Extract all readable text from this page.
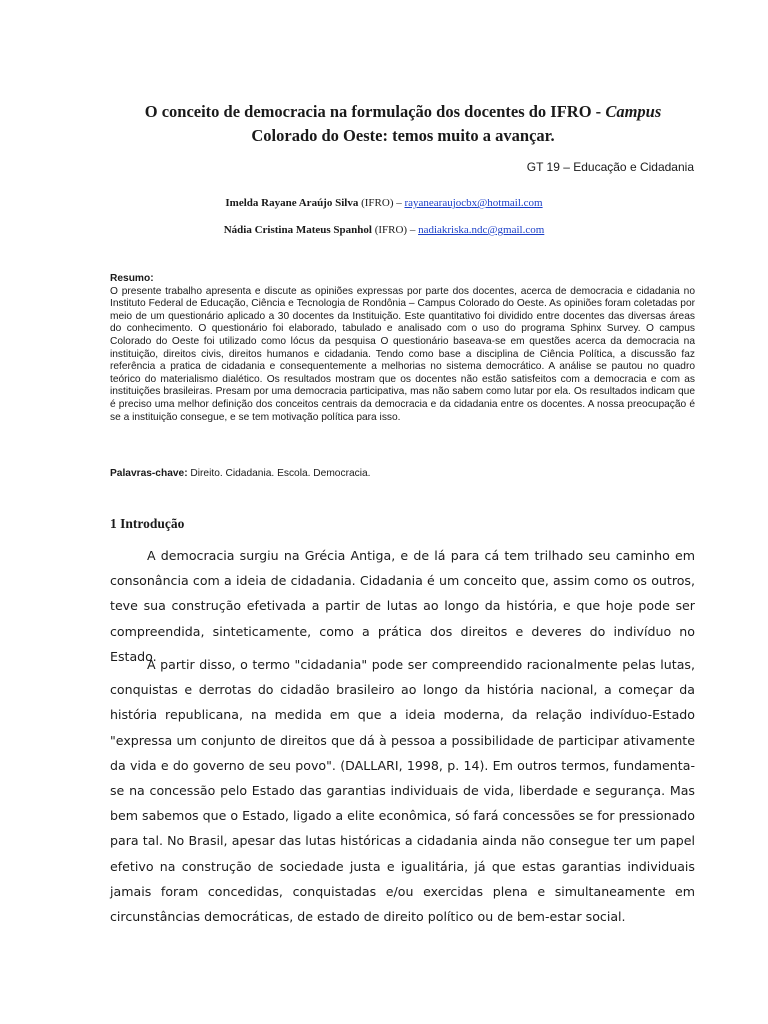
O conceito de democracia na formulação dos docentes do IFRO - Campus
Colorado do Oeste: temos muito a avançar.
GT 19 – Educação e Cidadania
Imelda Rayane Araújo Silva (IFRO) – rayanearaujocbx@hotmail.com
Nádia Cristina Mateus Spanhol (IFRO) – nadiakriska.ndc@gmail.com
Resumo:
O presente trabalho apresenta e discute as opiniões expressas por parte dos docentes, acerca de democracia e cidadania no Instituto Federal de Educação, Ciência e Tecnologia de Rondônia – Campus Colorado do Oeste. As opiniões foram coletadas por meio de um questionário aplicado a 30 docentes da Instituição. Este quantitativo foi dividido entre docentes das diversas áreas do conhecimento. O questionário foi elaborado, tabulado e analisado com o uso do programa Sphinx Survey. O campus Colorado do Oeste foi utilizado como lócus da pesquisa O questionário baseava-se em questões acerca da democracia na instituição, direitos civis, direitos humanos e cidadania. Tendo como base a disciplina de Ciência Política, a discussão faz referência a pratica de cidadania e consequentemente a melhorias no sistema democrático. A análise se pautou no quadro teórico do materialismo dialético. Os resultados mostram que os docentes não estão satisfeitos com a democracia e com as instituições brasileiras. Presam por uma democracia participativa, mas não sabem como lutar por ela. Os resultados indicam que é preciso uma melhor definição dos conceitos centrais da democracia e da cidadania entre os docentes. A nossa preocupação é se a instituição consegue, e se tem motivação política para isso.
Palavras-chave: Direito. Cidadania. Escola. Democracia.
1 Introdução

A democracia surgiu na Grécia Antiga, e de lá para cá tem trilhado seu caminho em consonância com a ideia de cidadania. Cidadania é um conceito que, assim como os outros, teve sua construção efetivada a partir de lutas ao longo da história, e que hoje pode ser compreendida, sinteticamente, como a prática dos direitos e deveres do indivíduo no Estado.

A partir disso, o termo "cidadania" pode ser compreendido racionalmente pelas lutas, conquistas e derrotas do cidadão brasileiro ao longo da história nacional, a começar da história republicana, na medida em que a ideia moderna, da relação indivíduo-Estado "expressa um conjunto de direitos que dá à pessoa a possibilidade de participar ativamente da vida e do governo de seu povo". (DALLARI, 1998, p. 14). Em outros termos, fundamenta-se na concessão pelo Estado das garantias individuais de vida, liberdade e segurança. Mas bem sabemos que o Estado, ligado a elite econômica, só fará concessões se for pressionado para tal. No Brasil, apesar das lutas históricas a cidadania ainda não consegue ter um papel efetivo na construção de sociedade justa e igualitária, já que estas garantias individuais jamais foram concedidas, conquistadas e/ou exercidas plena e simultaneamente em circunstâncias democráticas, de estado de direito político ou de bem-estar social.
